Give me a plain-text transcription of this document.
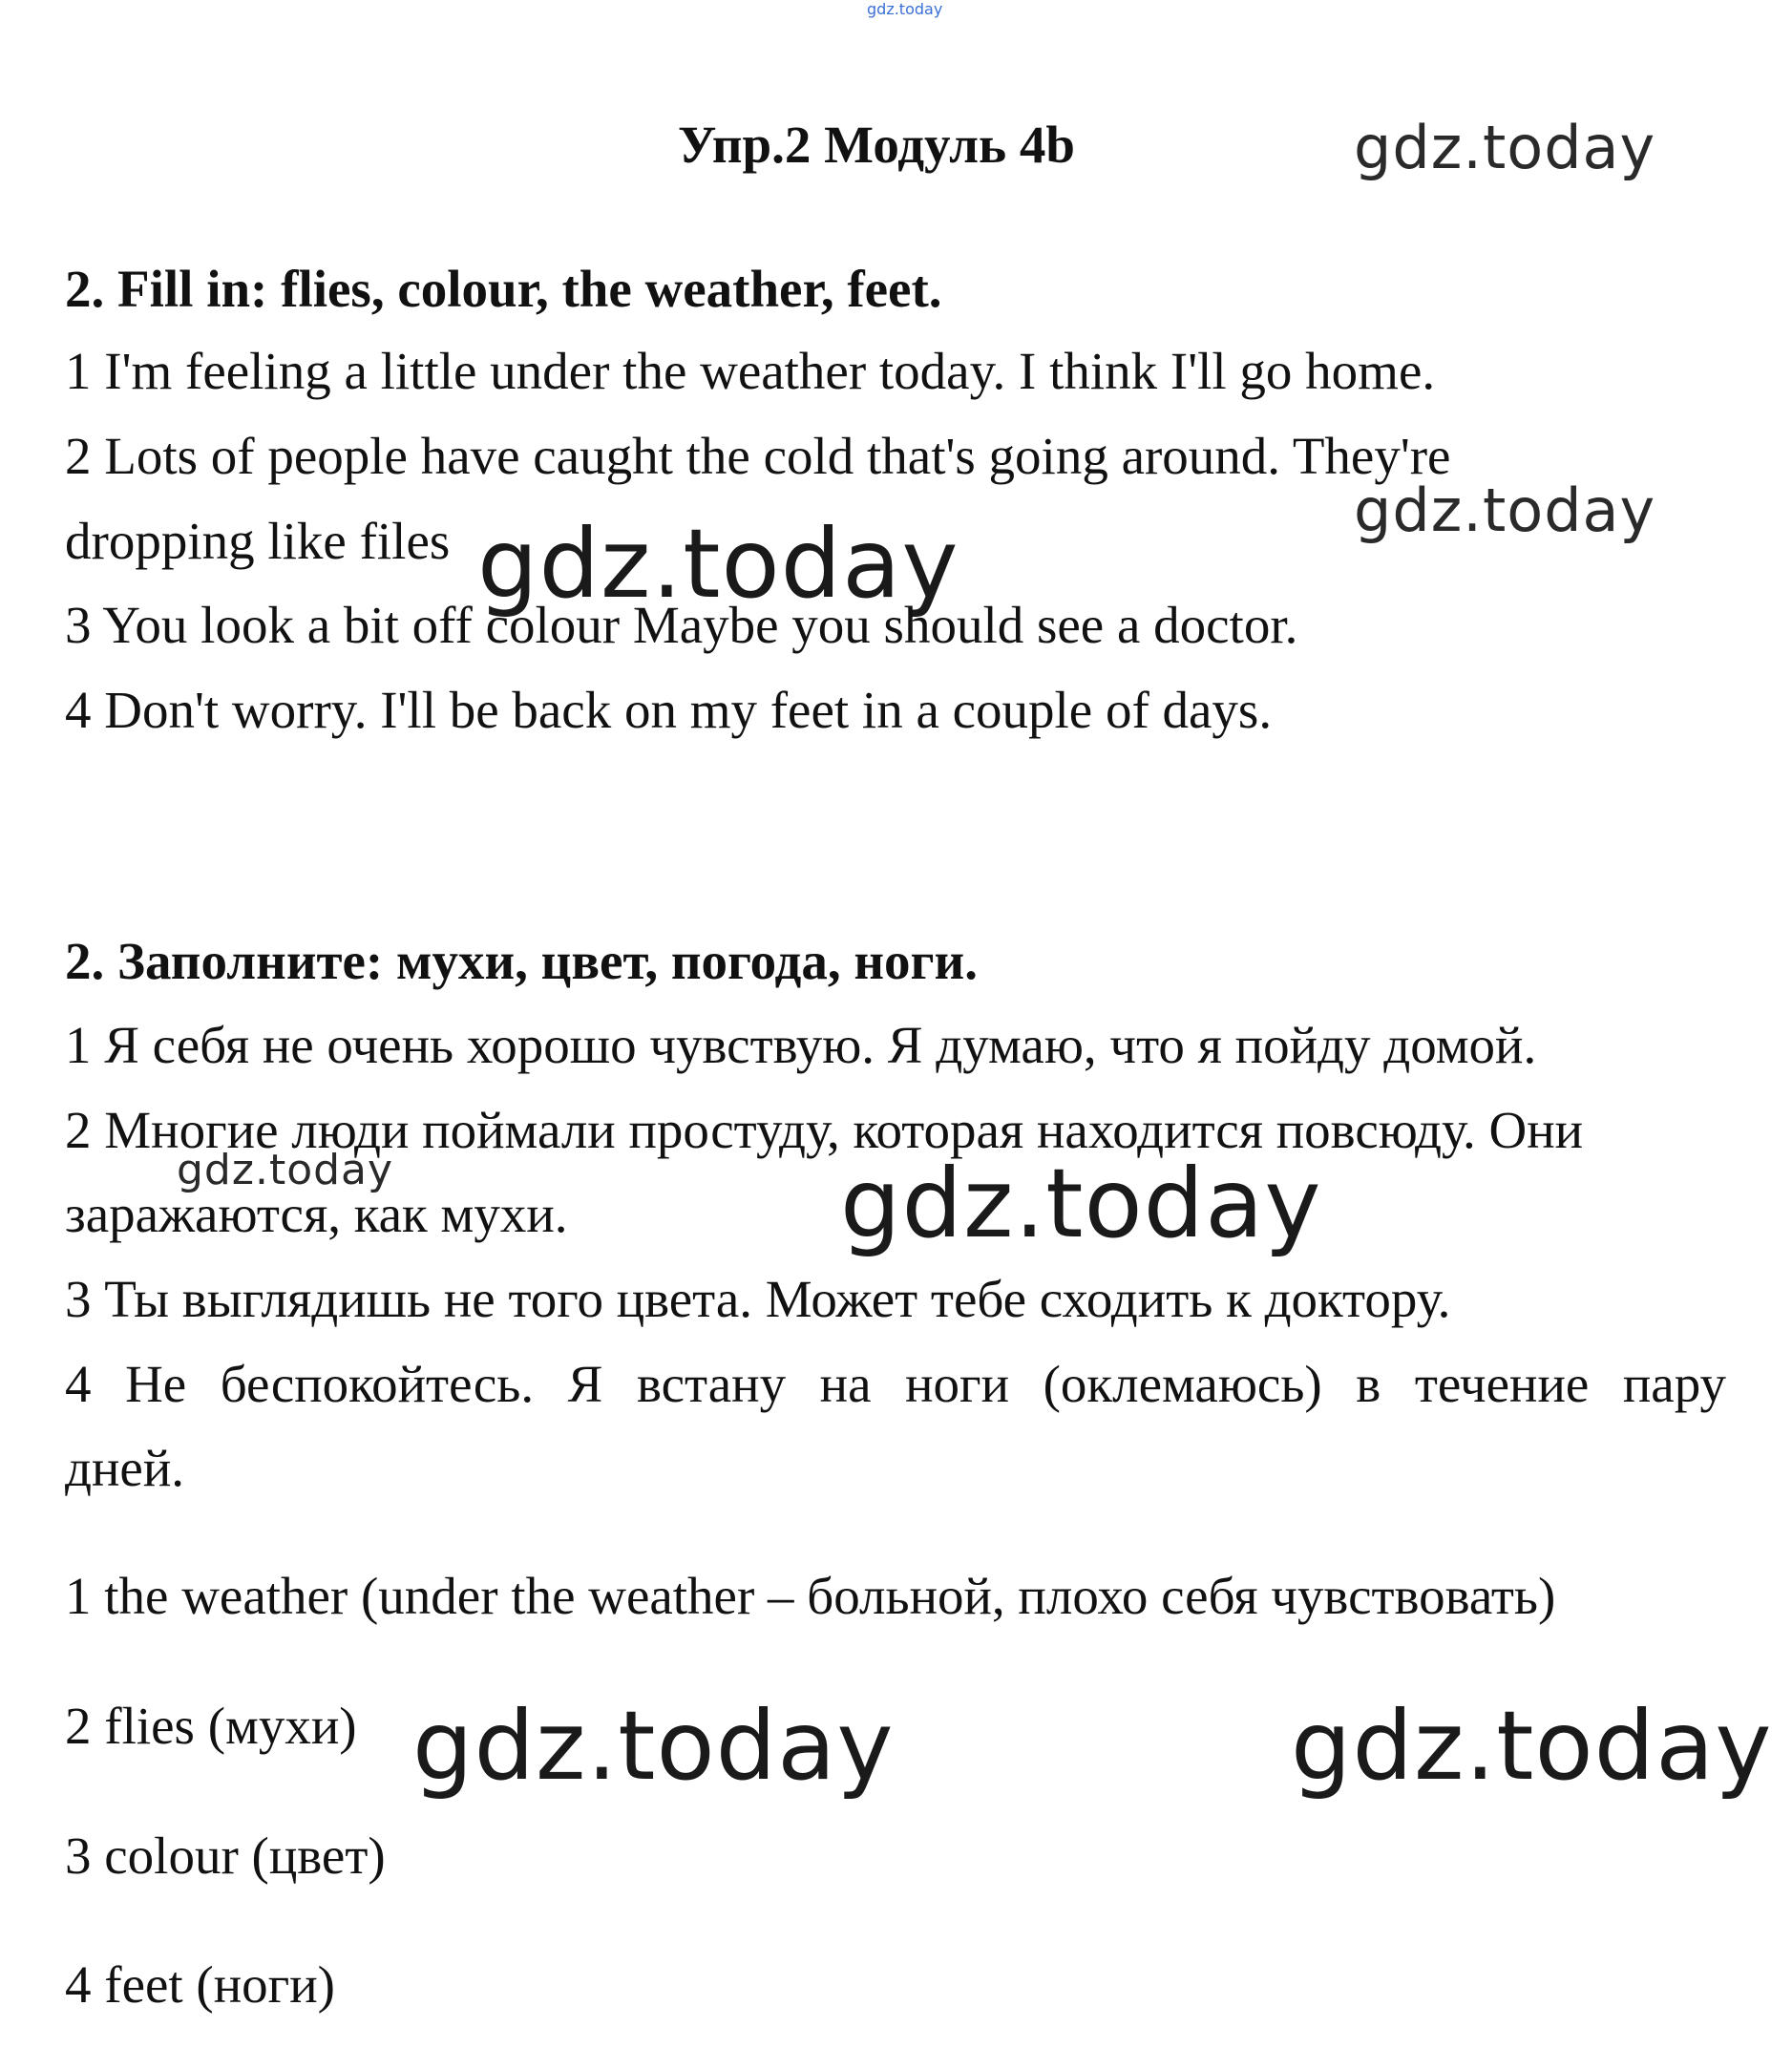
gdz.today
gdz.today
gdz.today
gdz.today
gdz.today	gdz.today
gdz.today	gdz.today
Упр.2 Модуль 4b

2. Fill in: flies, colour, the weather, feet.

1 I'm feeling a little under the weather today. I think I'll go home.

2 Lots of people have caught the cold that's going around. They're

dropping like files

3 You look a bit off colour Maybe you should see a doctor.

4 Don't worry. I'll be back on my feet in a couple of days.

2. Заполните: мухи, цвет, погода, ноги.

1 Я себя не очень хорошо чувствую. Я думаю, что я пойду домой.

2 Многие люди поймали простуду, которая находится повсюду. Они

заражаются, как мухи.

3 Ты выглядишь не того цвета. Может тебе сходить к доктору.

4 Не беспокойтесь. Я встану на ноги (оклемаюсь) в течение пару

дней.

1 the weather (under the weather – больной, плохо себя чувствовать)

2 flies (мухи)

3 colour (цвет)

4 feet (ноги)
